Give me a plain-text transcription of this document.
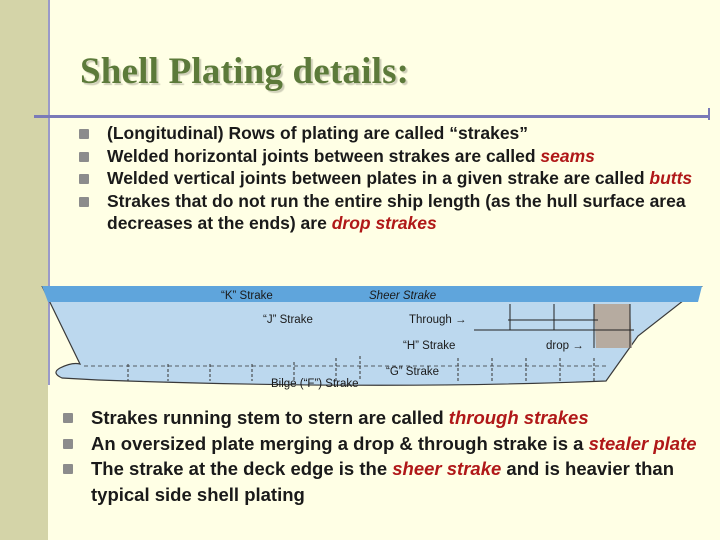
Shell Plating details:
(Longitudinal) Rows of plating are called “strakes”
Welded horizontal joints between strakes are called seams
Welded vertical joints between plates in a given strake are called butts
Strakes that do not run the entire ship length (as the hull surface area decreases at the ends) are drop strakes
“K” Strake	Sheer Strake
“J” Strake	Through →
“H” Strake	drop →
“G” Strake
Bilge (“F”) Strake
Strakes running stem to stern are called through strakes
An oversized plate merging a drop & through strake is a stealer plate
The strake at the deck edge is the sheer strake and is heavier than typical side shell plating
